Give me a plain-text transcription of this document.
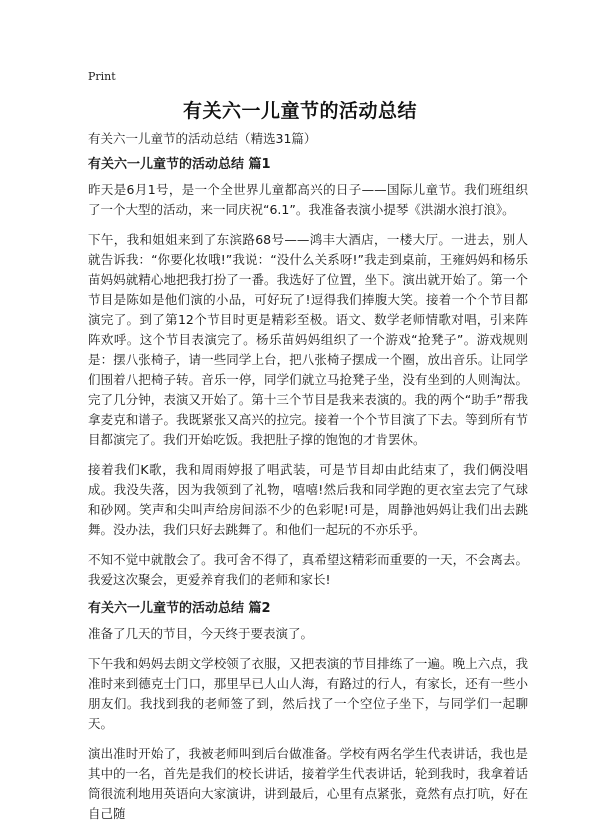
Print
有关六一儿童节的活动总结
有关六一儿童节的活动总结（精选31篇）
有关六一儿童节的活动总结 篇1

昨天是6月1号，是一个全世界儿童都高兴的日子——国际儿童节。我们班组织了一个大型的活动，来一同庆祝“6.1”。我准备表演小提琴《洪湖水浪打浪》。

下午，我和姐姐来到了东滨路68号——鸿丰大酒店，一楼大厅。一进去，别人就告诉我：“你要化妆哦!”我说：“没什么关系呀!”我走到桌前，王雍妈妈和杨乐苗妈妈就精心地把我打扮了一番。我选好了位置，坐下。演出就开始了。第一个节目是陈如是他们演的小品，可好玩了!逗得我们捧腹大笑。接着一个个节目都演完了。到了第12个节目时更是精彩至极。语文、数学老师情歌对唱，引来阵阵欢呼。这个节目表演完了。杨乐苗妈妈组织了一个游戏“抢凳子”。游戏规则是：摆八张椅子，请一些同学上台，把八张椅子摆成一个圈，放出音乐。让同学们围着八把椅子转。音乐一停，同学们就立马抢凳子坐，没有坐到的人则淘汰。完了几分钟，表演又开始了。第十三个节目是我来表演的。我的两个“助手”帮我拿麦克和谱子。我既紧张又高兴的拉完。接着一个个节目演了下去。等到所有节目都演完了。我们开始吃饭。我把肚子撑的饱饱的才肯罢休。

接着我们K歌，我和周雨婷报了唱武装，可是节目却由此结束了，我们俩没唱成。我没失落，因为我领到了礼物，嘻嘻!然后我和同学跑的更衣室去完了气球和砂网。笑声和尖叫声给房间添不少的色彩呢!可是，周静池妈妈让我们出去跳舞。没办法，我们只好去跳舞了。和他们一起玩的不亦乐乎。

不知不觉中就散会了。我可舍不得了，真希望这精彩而重要的一天，不会离去。我爱这次聚会，更爱养育我们的老师和家长!

有关六一儿童节的活动总结 篇2

准备了几天的节目，今天终于要表演了。

下午我和妈妈去朗文学校领了衣服，又把表演的节目排练了一遍。晚上六点，我准时来到德克士门口，那里早已人山人海，有路过的行人，有家长，还有一些小朋友们。我找到我的老师签了到，然后找了一个空位子坐下，与同学们一起聊天。

演出准时开始了，我被老师叫到后台做准备。学校有两名学生代表讲话，我也是其中的一名，首先是我们的校长讲话，接着学生代表讲话，轮到我时，我拿着话筒很流利地用英语向大家演讲，讲到最后，心里有点紧张，竟然有点打吭，好在自己随
